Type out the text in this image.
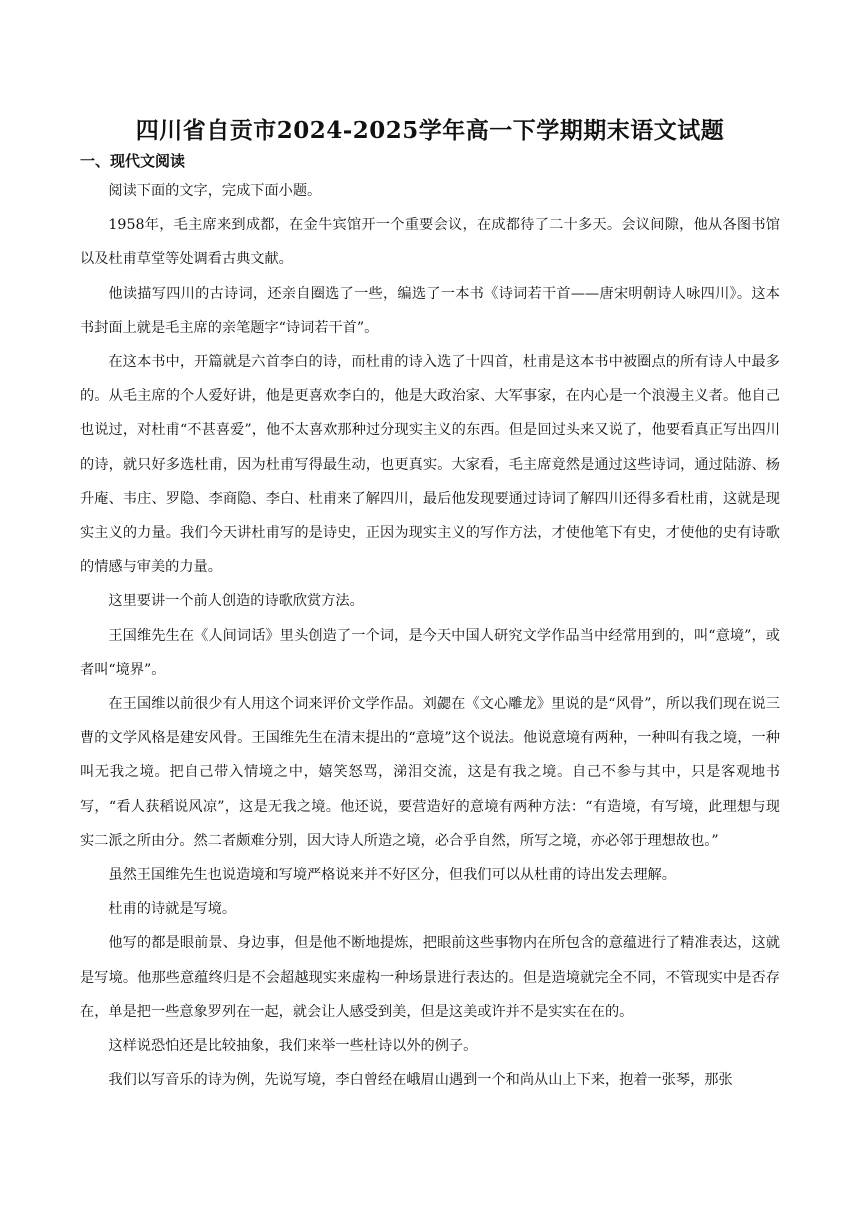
四川省自贡市2024-2025学年高一下学期期末语文试题
一、现代文阅读

阅读下面的文字，完成下面小题。

1958年，毛主席来到成都，在金牛宾馆开一个重要会议，在成都待了二十多天。会议间隙，他从各图书馆以及杜甫草堂等处调看古典文献。

他读描写四川的古诗词，还亲自圈选了一些，编选了一本书《诗词若干首——唐宋明朝诗人咏四川》。这本书封面上就是毛主席的亲笔题字“诗词若干首”。

在这本书中，开篇就是六首李白的诗，而杜甫的诗入选了十四首，杜甫是这本书中被圈点的所有诗人中最多的。从毛主席的个人爱好讲，他是更喜欢李白的，他是大政治家、大军事家，在内心是一个浪漫主义者。他自己也说过，对杜甫“不甚喜爱”，他不太喜欢那种过分现实主义的东西。但是回过头来又说了，他要看真正写出四川的诗，就只好多选杜甫，因为杜甫写得最生动，也更真实。大家看，毛主席竟然是通过这些诗词，通过陆游、杨升庵、韦庄、罗隐、李商隐、李白、杜甫来了解四川，最后他发现要通过诗词了解四川还得多看杜甫，这就是现实主义的力量。我们今天讲杜甫写的是诗史，正因为现实主义的写作方法，才使他笔下有史，才使他的史有诗歌的情感与审美的力量。

这里要讲一个前人创造的诗歌欣赏方法。

王国维先生在《人间词话》里头创造了一个词，是今天中国人研究文学作品当中经常用到的，叫“意境”，或者叫“境界”。

在王国维以前很少有人用这个词来评价文学作品。刘勰在《文心雕龙》里说的是“风骨”，所以我们现在说三曹的文学风格是建安风骨。王国维先生在清末提出的“意境”这个说法。他说意境有两种，一种叫有我之境，一种叫无我之境。把自己带入情境之中，嬉笑怒骂，涕泪交流，这是有我之境。自己不参与其中，只是客观地书写，“看人获稻说风凉”，这是无我之境。他还说，要营造好的意境有两种方法：“有造境，有写境，此理想与现实二派之所由分。然二者颇难分别，因大诗人所造之境，必合乎自然，所写之境，亦必邻于理想故也。”

虽然王国维先生也说造境和写境严格说来并不好区分，但我们可以从杜甫的诗出发去理解。

杜甫的诗就是写境。

他写的都是眼前景、身边事，但是他不断地提炼，把眼前这些事物内在所包含的意蕴进行了精准表达，这就是写境。他那些意蕴终归是不会超越现实来虚构一种场景进行表达的。但是造境就完全不同，不管现实中是否存在，单是把一些意象罗列在一起，就会让人感受到美，但是这美或许并不是实实在在的。

这样说恐怕还是比较抽象，我们来举一些杜诗以外的例子。

我们以写音乐的诗为例，先说写境，李白曾经在峨眉山遇到一个和尚从山上下来，抱着一张琴，那张
